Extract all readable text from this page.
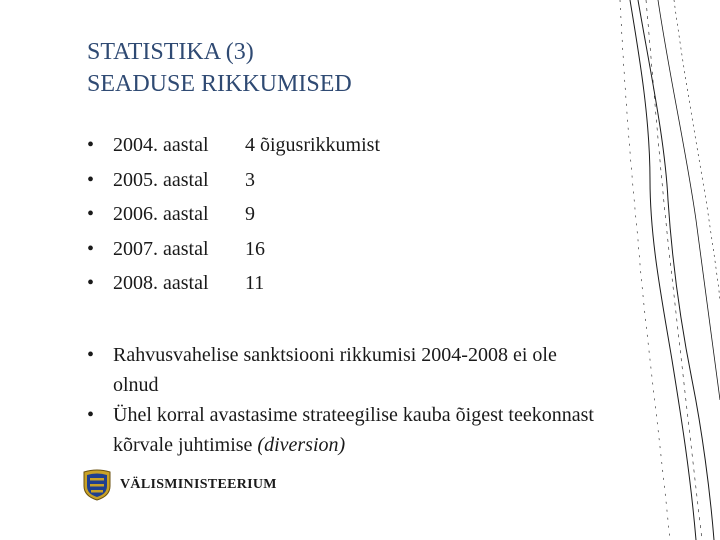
STATISTIKA (3)
SEADUSE RIKKUMISED
• 2004. aastal 4 õigusrikkumist
• 2005. aastal 3
• 2006. aastal 9
• 2007. aastal 16
• 2008. aastal 11
• Rahvusvahelise sanktsiooni rikkumisi 2004-2008 ei ole olnud
• Ühel korral avastasime strateegilise kauba õigest teekonnast kõrvale juhtimise (diversion)
VÄLISMINISTEERIUM
